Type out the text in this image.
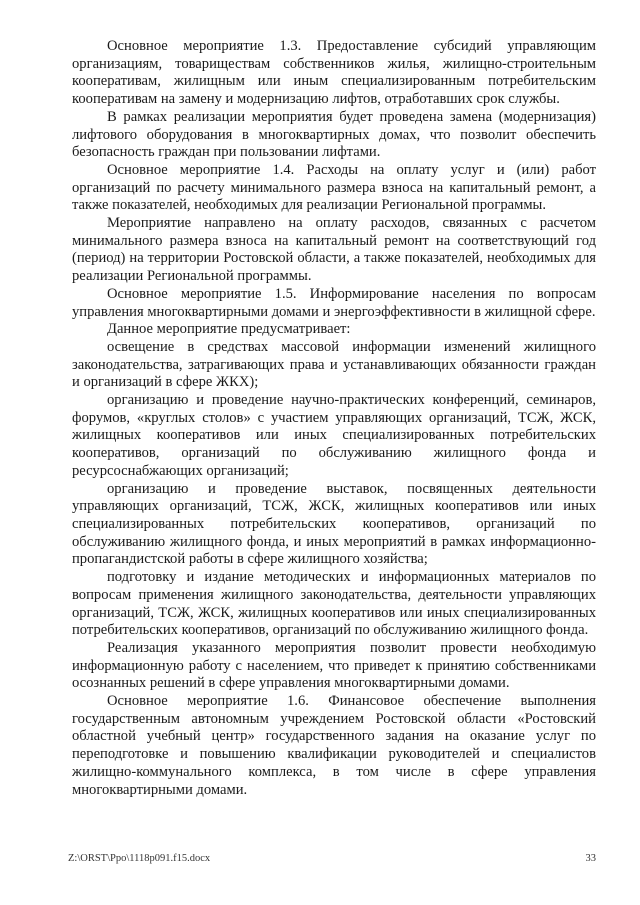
Основное мероприятие 1.3. Предоставление субсидий управляющим организациям, товариществам собственников жилья, жилищно-строительным кооперативам, жилищным или иным специализированным потребительским кооперативам на замену и модернизацию лифтов, отработавших срок службы.

В рамках реализации мероприятия будет проведена замена (модернизация) лифтового оборудования в многоквартирных домах, что позволит обеспечить безопасность граждан при пользовании лифтами.

Основное мероприятие 1.4. Расходы на оплату услуг и (или) работ организаций по расчету минимального размера взноса на капитальный ремонт, а также показателей, необходимых для реализации Региональной программы.

Мероприятие направлено на оплату расходов, связанных с расчетом минимального размера взноса на капитальный ремонт на соответствующий год (период) на территории Ростовской области, а также показателей, необходимых для реализации Региональной программы.

Основное мероприятие 1.5. Информирование населения по вопросам управления многоквартирными домами и энергоэффективности в жилищной сфере.

Данное мероприятие предусматривает:

освещение в средствах массовой информации изменений жилищного законодательства, затрагивающих права и устанавливающих обязанности граждан и организаций в сфере ЖКХ);

организацию и проведение научно-практических конференций, семинаров, форумов, «круглых столов» с участием управляющих организаций, ТСЖ, ЖСК, жилищных кооперативов или иных специализированных потребительских кооперативов, организаций по обслуживанию жилищного фонда и ресурсоснабжающих организаций;

организацию и проведение выставок, посвященных деятельности управляющих организаций, ТСЖ, ЖСК, жилищных кооперативов или иных специализированных потребительских кооперативов, организаций по обслуживанию жилищного фонда, и иных мероприятий в рамках информационно-пропагандистской работы в сфере жилищного хозяйства;

подготовку и издание методических и информационных материалов по вопросам применения жилищного законодательства, деятельности управляющих организаций, ТСЖ, ЖСК, жилищных кооперативов или иных специализированных потребительских кооперативов, организаций по обслуживанию жилищного фонда.

Реализация указанного мероприятия позволит провести необходимую информационную работу с населением, что приведет к принятию собственниками осознанных решений в сфере управления многоквартирными домами.

Основное мероприятие 1.6. Финансовое обеспечение выполнения государственным автономным учреждением Ростовской области «Ростовский областной учебный центр» государственного задания на оказание услуг по переподготовке и повышению квалификации руководителей и специалистов жилищно-коммунального комплекса, в том числе в сфере управления многоквартирными домами.

Z:\ORST\Ppo\1118p091.f15.docx	33
